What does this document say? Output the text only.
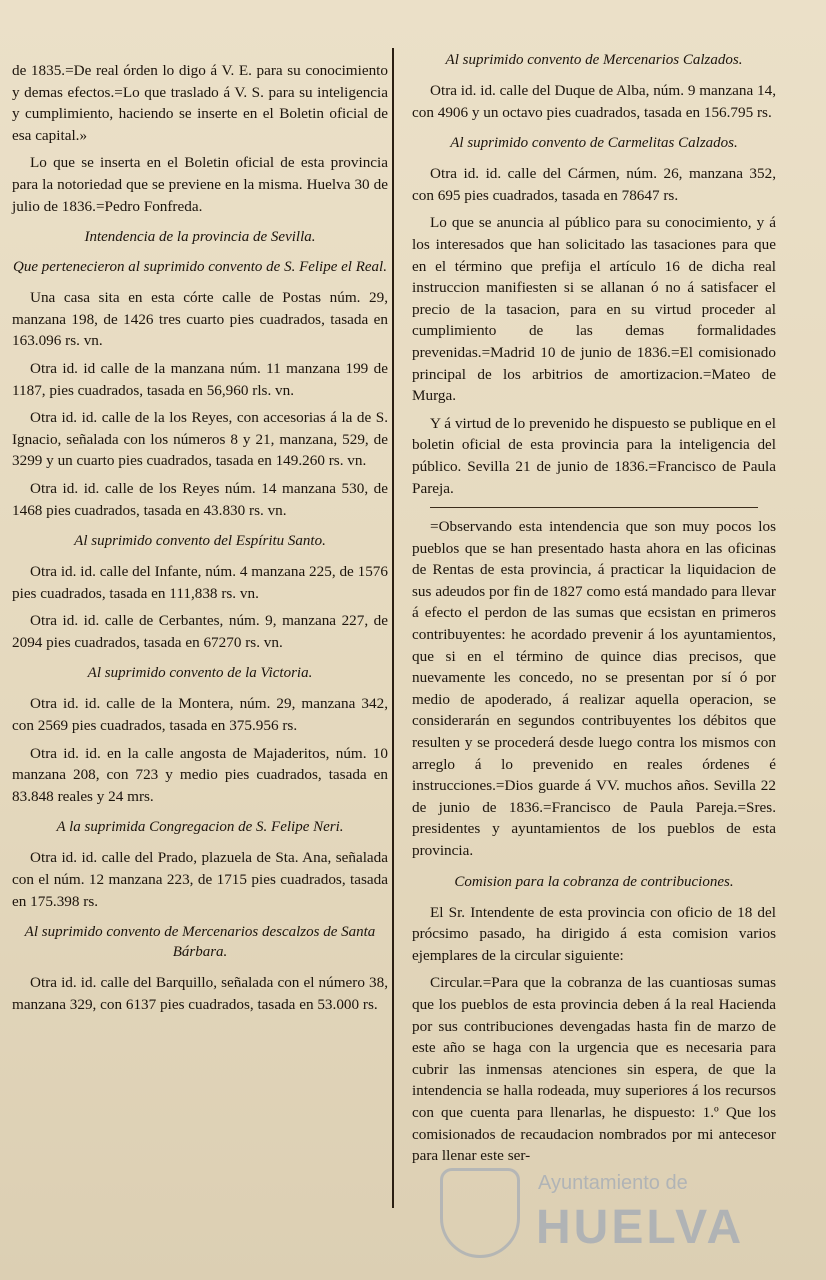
de 1835.=De real órden lo digo á V. E. para su conocimiento y demas efectos.=Lo que traslado á V. S. para su inteligencia y cumplimiento, haciendo se inserte en el Boletin oficial de esa capital.»

Lo que se inserta en el Boletin oficial de esta provincia para la notoriedad que se previene en la misma. Huelva 30 de julio de 1836.=Pedro Fonfreda.

Intendencia de la provincia de Sevilla.
Que pertenecieron al suprimido convento de S. Felipe el Real.

Una casa sita en esta córte calle de Postas núm. 29, manzana 198, de 1426 tres cuarto pies cuadrados, tasada en 163.096 rs. vn.

Otra id. id calle de la manzana núm. 11 manzana 199 de 1187, pies cuadrados, tasada en 56,960 rls. vn.

Otra id. id. calle de la los Reyes, con accesorias á la de S. Ignacio, señalada con los números 8 y 21, manzana, 529, de 3299 y un cuarto pies cuadrados, tasada en 149.260 rs. vn.

Otra id. id. calle de los Reyes núm. 14 manzana 530, de 1468 pies cuadrados, tasada en 43.830 rs. vn.

Al suprimido convento del Espíritu Santo.

Otra id. id. calle del Infante, núm. 4 manzana 225, de 1576 pies cuadrados, tasada en 111,838 rs. vn.

Otra id. id. calle de Cerbantes, núm. 9, manzana 227, de 2094 pies cuadrados, tasada en 67270 rs. vn.

Al suprimido convento de la Victoria.

Otra id. id. calle de la Montera, núm. 29, manzana 342, con 2569 pies cuadrados, tasada en 375.956 rs.

Otra id. id. en la calle angosta de Majaderitos, núm. 10 manzana 208, con 723 y medio pies cuadrados, tasada en 83.848 reales y 24 mrs.

A la suprimida Congregacion de S. Felipe Neri.

Otra id. id. calle del Prado, plazuela de Sta. Ana, señalada con el núm. 12 manzana 223, de 1715 pies cuadrados, tasada en 175.398 rs.

Al suprimido convento de Mercenarios descalzos de Santa Bárbara.

Otra id. id. calle del Barquillo, señalada con el número 38, manzana 329, con 6137 pies cuadrados, tasada en 53.000 rs.

Al suprimido convento de Mercenarios Calzados.

Otra id. id. calle del Duque de Alba, núm. 9 manzana 14, con 4906 y un octavo pies cuadrados, tasada en 156.795 rs.

Al suprimido convento de Carmelitas Calzados.

Otra id. id. calle del Cármen, núm. 26, manzana 352, con 695 pies cuadrados, tasada en 78647 rs.

Lo que se anuncia al público para su conocimiento, y á los interesados que han solicitado las tasaciones para que en el término que prefija el artículo 16 de dicha real instruccion manifiesten si se allanan ó no á satisfacer el precio de la tasacion, para en su virtud proceder al cumplimiento de las demas formalidades prevenidas.=Madrid 10 de junio de 1836.=El comisionado principal de los arbitrios de amortizacion.=Mateo de Murga.

Y á virtud de lo prevenido he dispuesto se publique en el boletin oficial de esta provincia para la inteligencia del público. Sevilla 21 de junio de 1836.=Francisco de Paula Pareja.

=Observando esta intendencia que son muy pocos los pueblos que se han presentado hasta ahora en las oficinas de Rentas de esta provincia, á practicar la liquidacion de sus adeudos por fin de 1827 como está mandado para llevar á efecto el perdon de las sumas que ecsistan en primeros contribuyentes: he acordado prevenir á los ayuntamientos, que si en el término de quince dias precisos, que nuevamente les concedo, no se presentan por sí ó por medio de apoderado, á realizar aquella operacion, se considerarán en segundos contribuyentes los débitos que resulten y se procederá desde luego contra los mismos con arreglo á lo prevenido en reales órdenes é instrucciones.=Dios guarde á VV. muchos años. Sevilla 22 de junio de 1836.=Francisco de Paula Pareja.=Sres. presidentes y ayuntamientos de los pueblos de esta provincia.

Comision para la cobranza de contribuciones.

El Sr. Intendente de esta provincia con oficio de 18 del prócsimo pasado, ha dirigido á esta comision varios ejemplares de la circular siguiente:

Circular.=Para que la cobranza de las cuantiosas sumas que los pueblos de esta provincia deben á la real Hacienda por sus contribuciones devengadas hasta fin de marzo de este año se haga con la urgencia que es necesaria para cubrir las inmensas atenciones sin espera, de que la intendencia se halla rodeada, muy superiores á los recursos con que cuenta para llenarlas, he dispuesto: 1.º Que los comisionados de recaudacion nombrados por mi antecesor para llenar este ser-

Ayuntamiento de
HUELVA
